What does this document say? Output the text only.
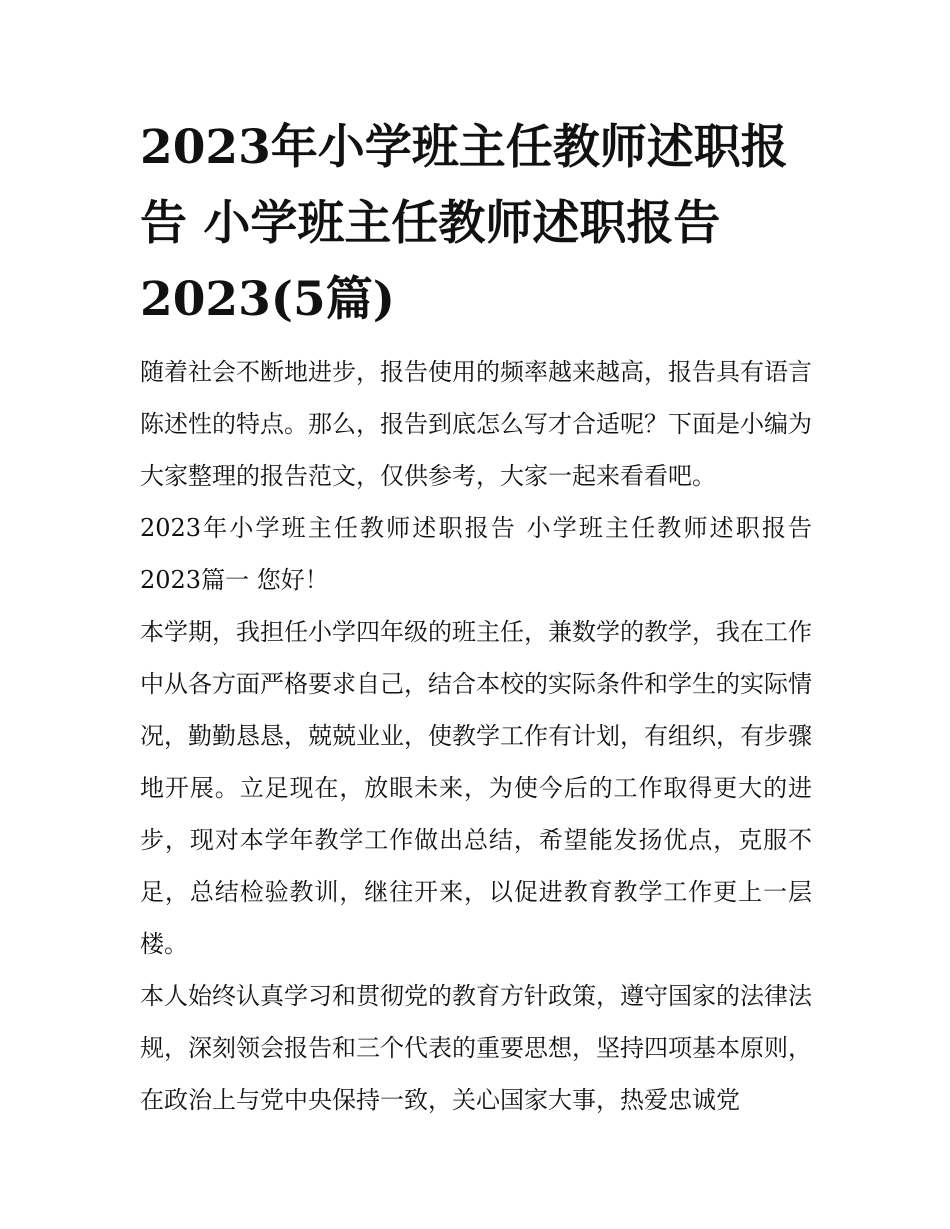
2023年小学班主任教师述职报告 小学班主任教师述职报告2023(5篇)

随着社会不断地进步，报告使用的频率越来越高，报告具有语言陈述性的特点。那么，报告到底怎么写才合适呢？下面是小编为大家整理的报告范文，仅供参考，大家一起来看看吧。

2023年小学班主任教师述职报告 小学班主任教师述职报告2023篇一 您好！

本学期，我担任小学四年级的班主任，兼数学的教学，我在工作中从各方面严格要求自己，结合本校的实际条件和学生的实际情况，勤勤恳恳，兢兢业业，使教学工作有计划，有组织，有步骤地开展。立足现在，放眼未来，为使今后的工作取得更大的进步，现对本学年教学工作做出总结，希望能发扬优点，克服不足，总结检验教训，继往开来，以促进教育教学工作更上一层楼。

本人始终认真学习和贯彻党的教育方针政策，遵守国家的法律法规，深刻领会报告和三个代表的重要思想，坚持四项基本原则，在政治上与党中央保持一致，关心国家大事，热爱忠诚党
